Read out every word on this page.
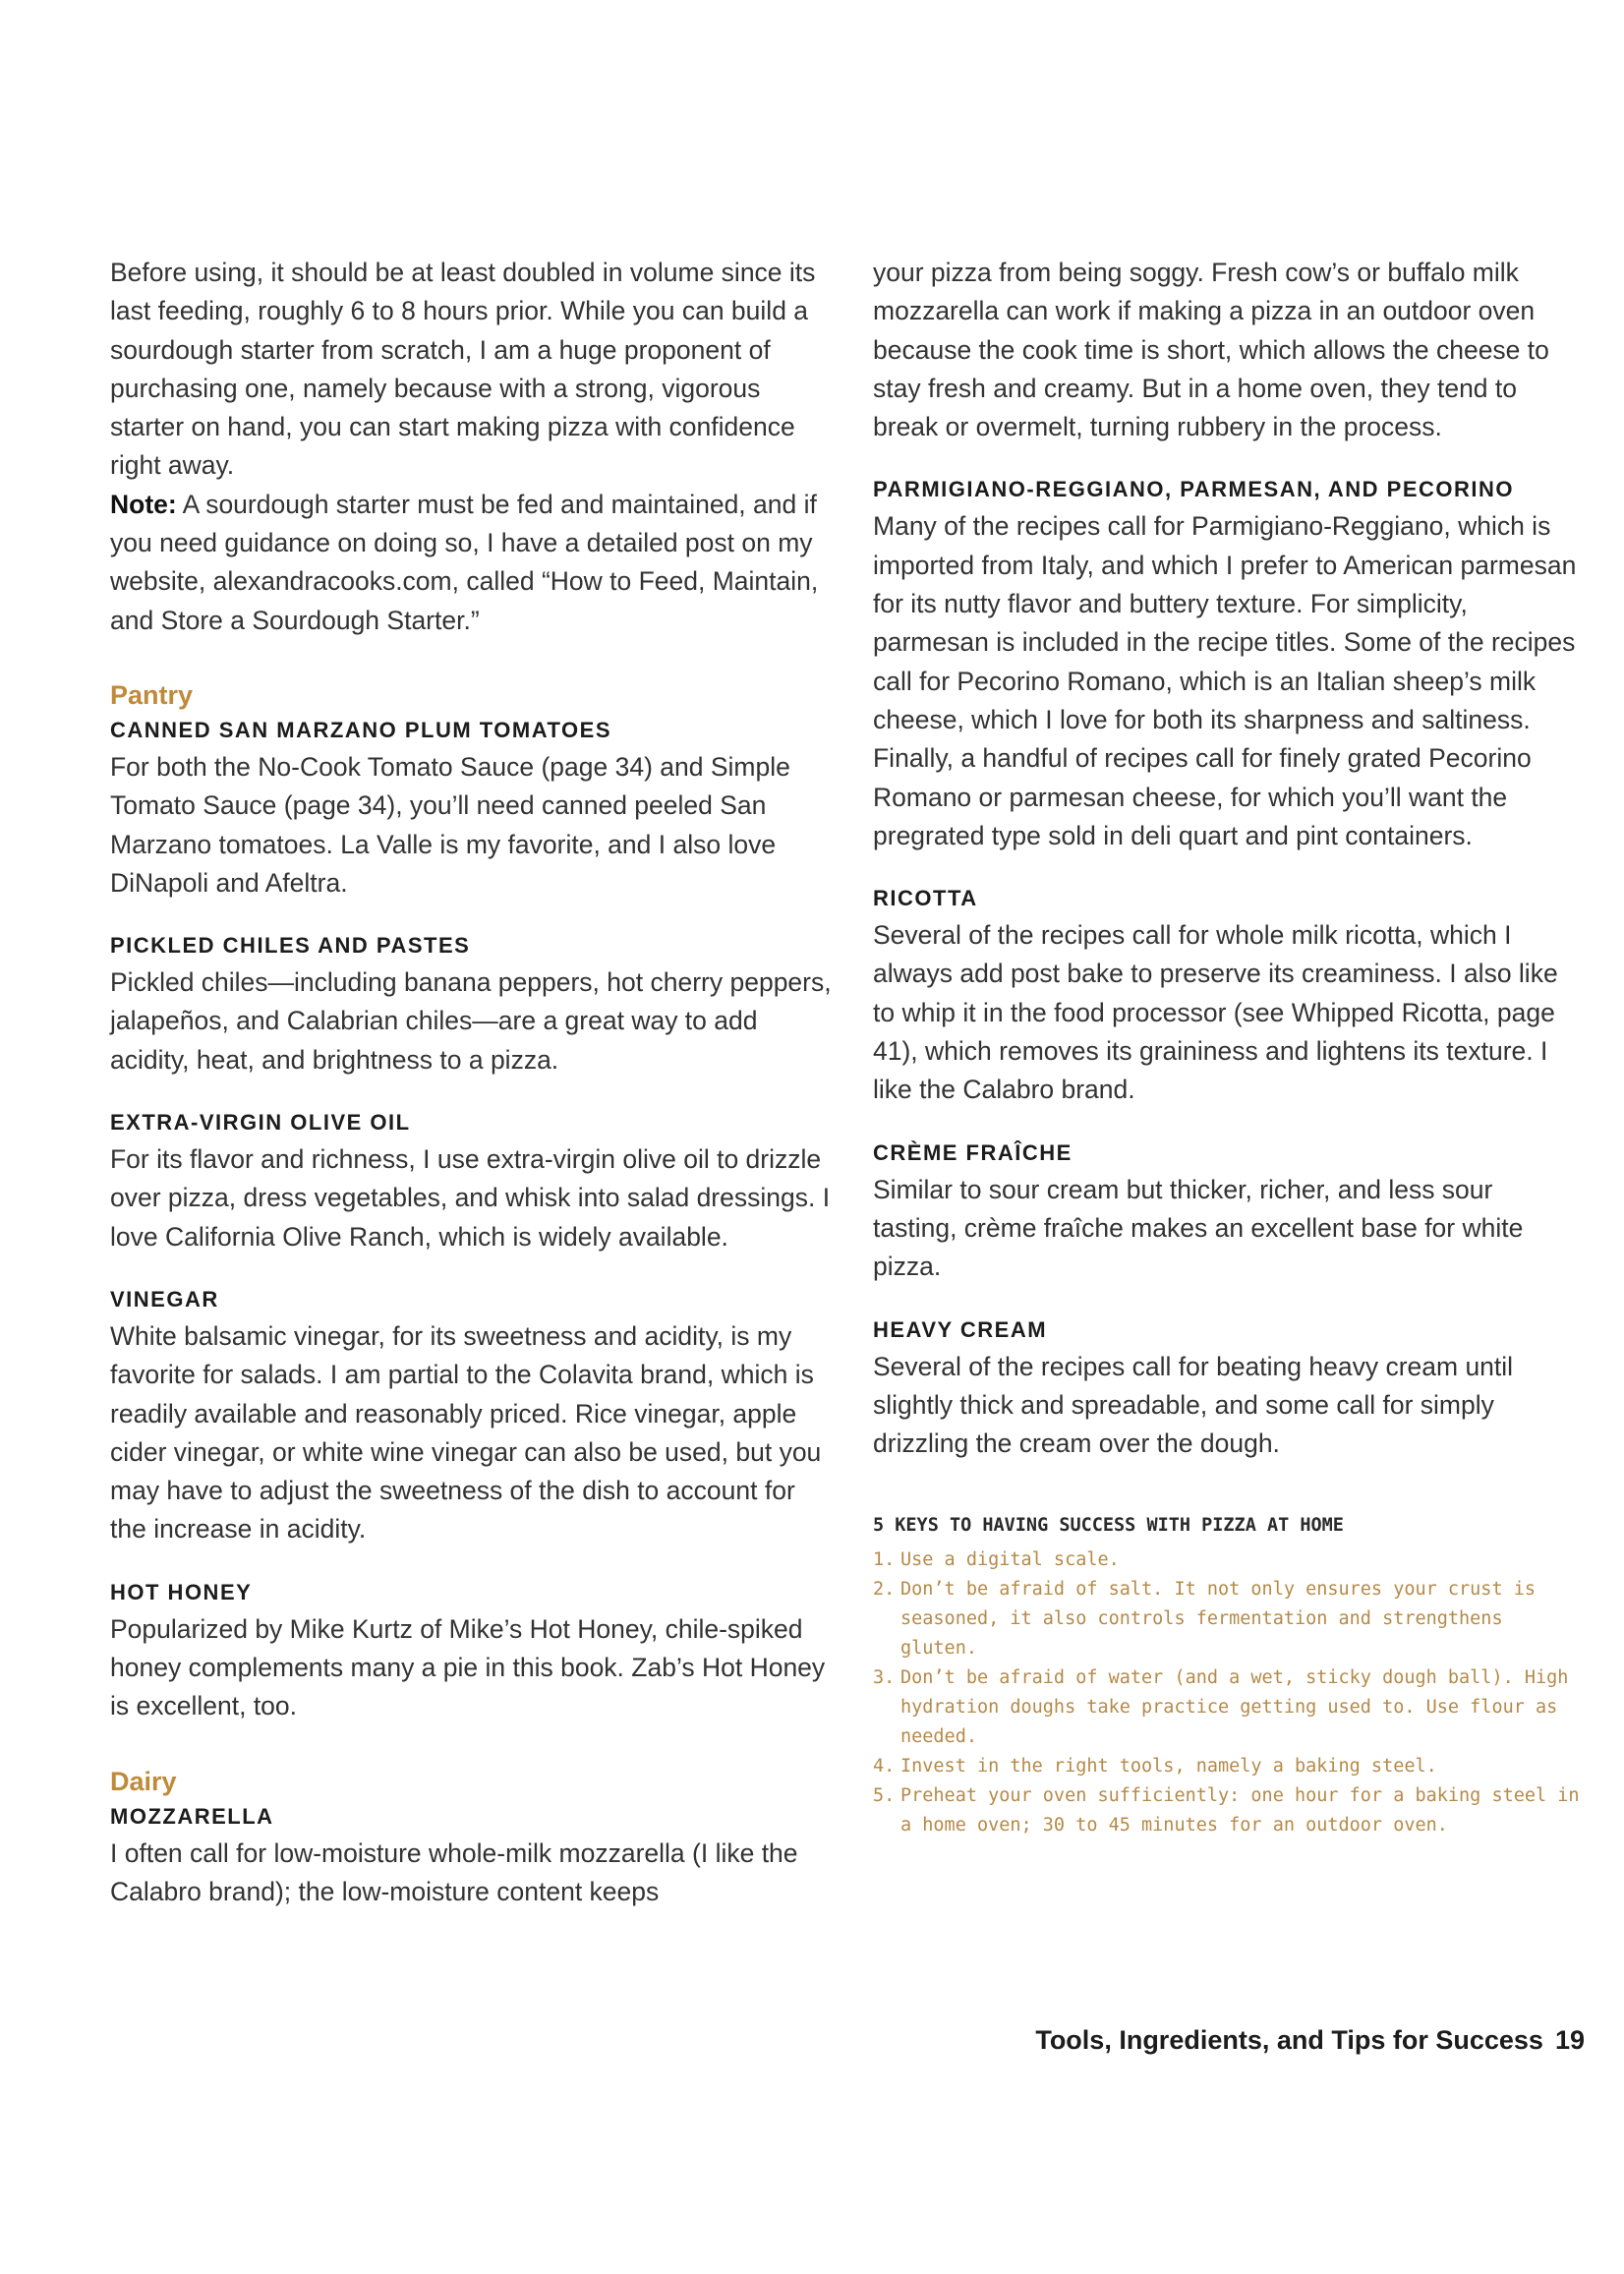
Before using, it should be at least doubled in volume since its last feeding, roughly 6 to 8 hours prior. While you can build a sourdough starter from scratch, I am a huge proponent of purchasing one, namely because with a strong, vigorous starter on hand, you can start making pizza with confidence right away.

Note: A sourdough starter must be fed and maintained, and if you need guidance on doing so, I have a detailed post on my website, alexandracooks.com, called “How to Feed, Maintain, and Store a Sourdough Starter.”

Pantry
CANNED SAN MARZANO PLUM TOMATOES

For both the No-Cook Tomato Sauce (page 34) and Simple Tomato Sauce (page 34), you’ll need canned peeled San Marzano tomatoes. La Valle is my favorite, and I also love DiNapoli and Afeltra.

PICKLED CHILES AND PASTES

Pickled chiles—including banana peppers, hot cherry peppers, jalapeños, and Calabrian chiles—are a great way to add acidity, heat, and brightness to a pizza.

EXTRA-VIRGIN OLIVE OIL

For its flavor and richness, I use extra-virgin olive oil to drizzle over pizza, dress vegetables, and whisk into salad dressings. I love California Olive Ranch, which is widely available.

VINEGAR

White balsamic vinegar, for its sweetness and acidity, is my favorite for salads. I am partial to the Colavita brand, which is readily available and reasonably priced. Rice vinegar, apple cider vinegar, or white wine vinegar can also be used, but you may have to adjust the sweetness of the dish to account for the increase in acidity.

HOT HONEY

Popularized by Mike Kurtz of Mike’s Hot Honey, chile-spiked honey complements many a pie in this book. Zab’s Hot Honey is excellent, too.

Dairy
MOZZARELLA

I often call for low-moisture whole-milk mozzarella (I like the Calabro brand); the low-moisture content keeps

your pizza from being soggy. Fresh cow’s or buffalo milk mozzarella can work if making a pizza in an outdoor oven because the cook time is short, which allows the cheese to stay fresh and creamy. But in a home oven, they tend to break or overmelt, turning rubbery in the process.

PARMIGIANO-REGGIANO, PARMESAN, AND PECORINO

Many of the recipes call for Parmigiano-Reggiano, which is imported from Italy, and which I prefer to American parmesan for its nutty flavor and buttery texture. For simplicity, parmesan is included in the recipe titles. Some of the recipes call for Pecorino Romano, which is an Italian sheep’s milk cheese, which I love for both its sharpness and saltiness. Finally, a handful of recipes call for finely grated Pecorino Romano or parmesan cheese, for which you’ll want the pregrated type sold in deli quart and pint containers.

RICOTTA

Several of the recipes call for whole milk ricotta, which I always add post bake to preserve its creaminess. I also like to whip it in the food processor (see Whipped Ricotta, page 41), which removes its graininess and lightens its texture. I like the Calabro brand.

CRÈME FRAÎCHE

Similar to sour cream but thicker, richer, and less sour tasting, crème fraîche makes an excellent base for white pizza.

HEAVY CREAM

Several of the recipes call for beating heavy cream until slightly thick and spreadable, and some call for simply drizzling the cream over the dough.

5 KEYS TO HAVING SUCCESS WITH PIZZA AT HOME
1. Use a digital scale.
2. Don’t be afraid of salt. It not only ensures your crust is seasoned, it also controls fermentation and strengthens gluten.
3. Don’t be afraid of water (and a wet, sticky dough ball). High hydration doughs take practice getting used to. Use flour as needed.
4. Invest in the right tools, namely a baking steel.
5. Preheat your oven sufficiently: one hour for a baking steel in a home oven; 30 to 45 minutes for an outdoor oven.
Tools, Ingredients, and Tips for Success 19
